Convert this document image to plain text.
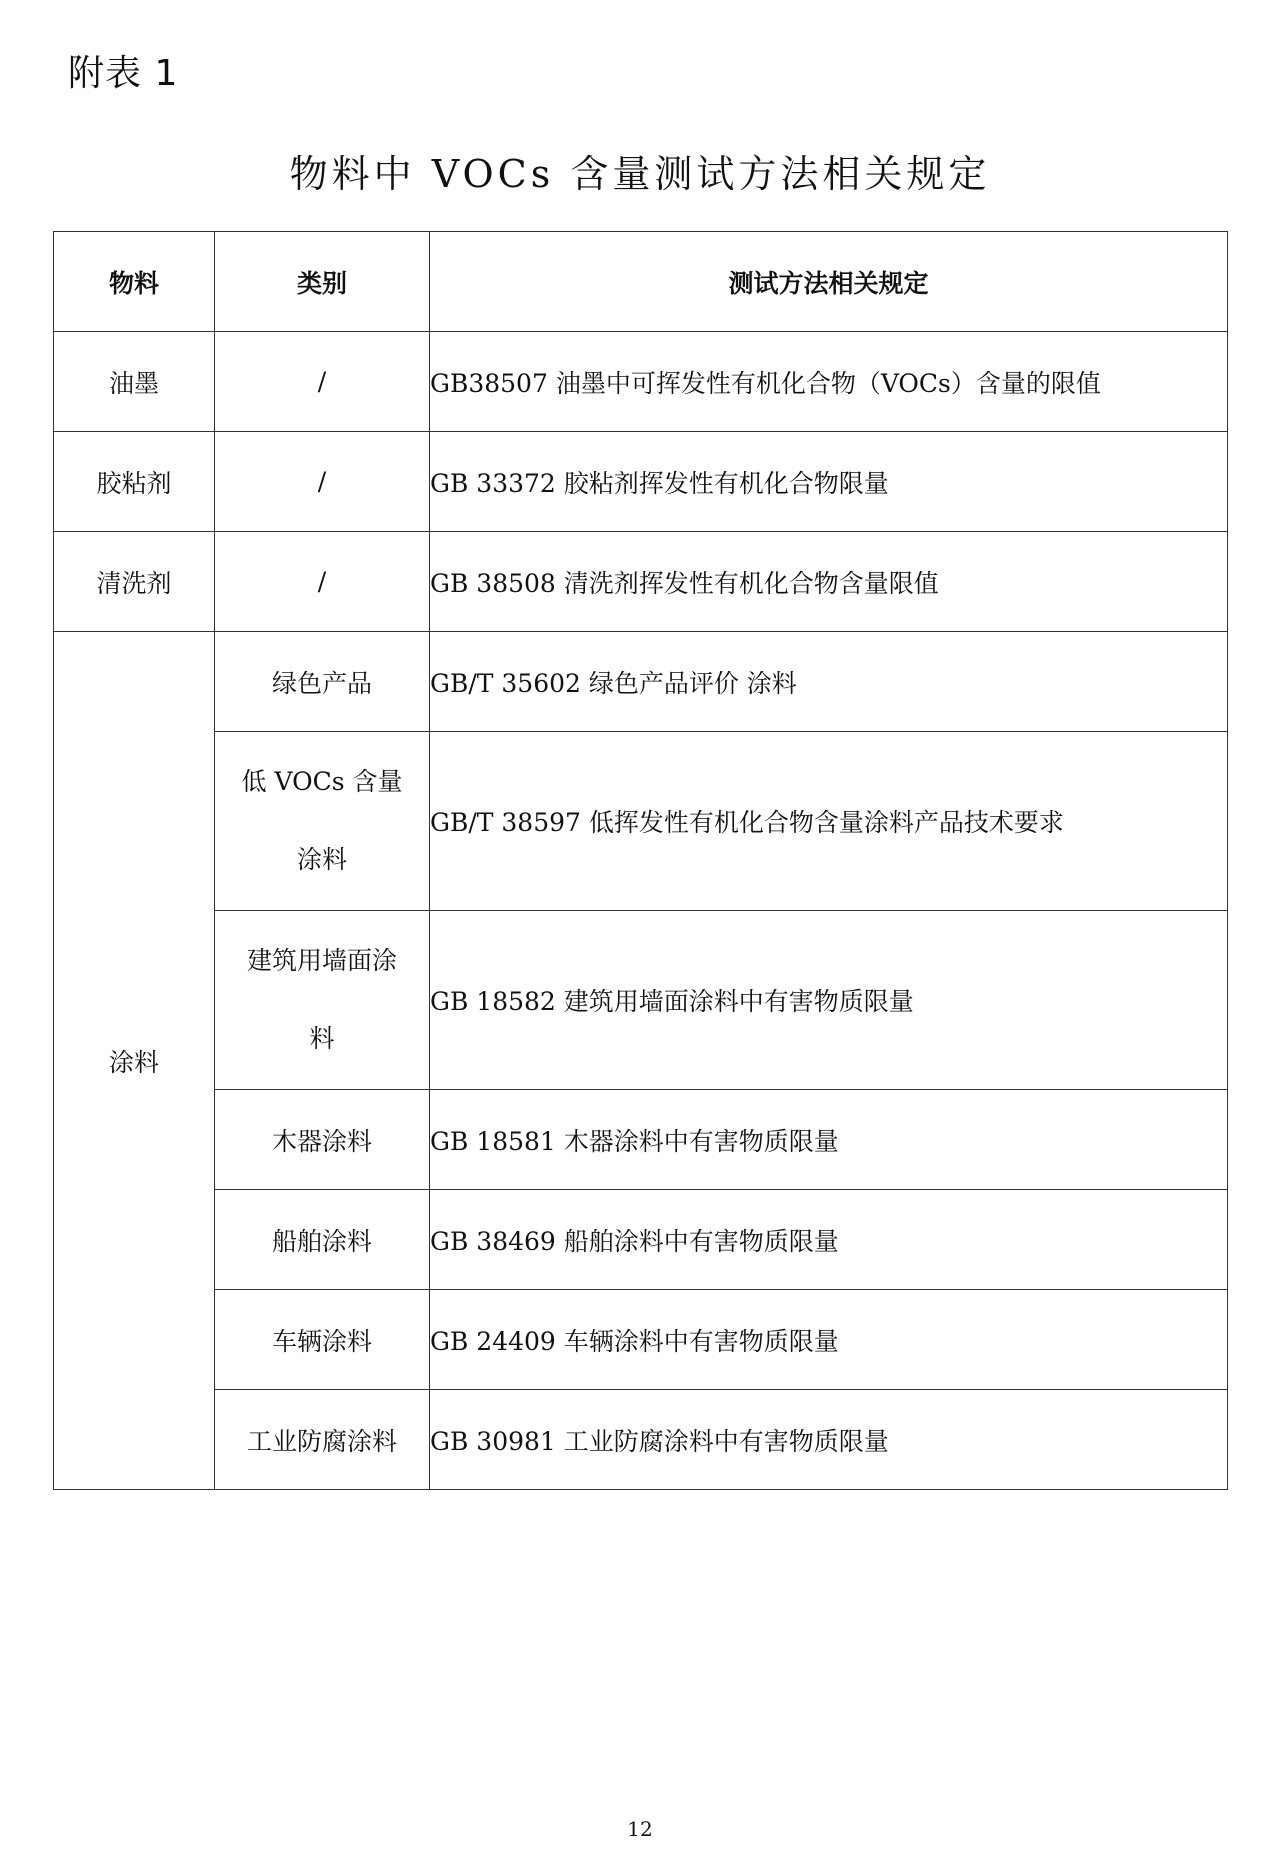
附表 1
物料中 VOCs 含量测试方法相关规定
物料	类别	测试方法相关规定
油墨	/	GB38507 油墨中可挥发性有机化合物（VOCs）含量的限值
胶粘剂	/	GB 33372 胶粘剂挥发性有机化合物限量
清洗剂	/	GB 38508 清洗剂挥发性有机化合物含量限值
涂料	绿色产品	GB/T 35602 绿色产品评价 涂料
	低 VOCs 含量涂料	GB/T 38597 低挥发性有机化合物含量涂料产品技术要求
	建筑用墙面涂料	GB 18582 建筑用墙面涂料中有害物质限量
	木器涂料	GB 18581 木器涂料中有害物质限量
	船舶涂料	GB 38469 船舶涂料中有害物质限量
	车辆涂料	GB 24409 车辆涂料中有害物质限量
	工业防腐涂料	GB 30981 工业防腐涂料中有害物质限量
12
